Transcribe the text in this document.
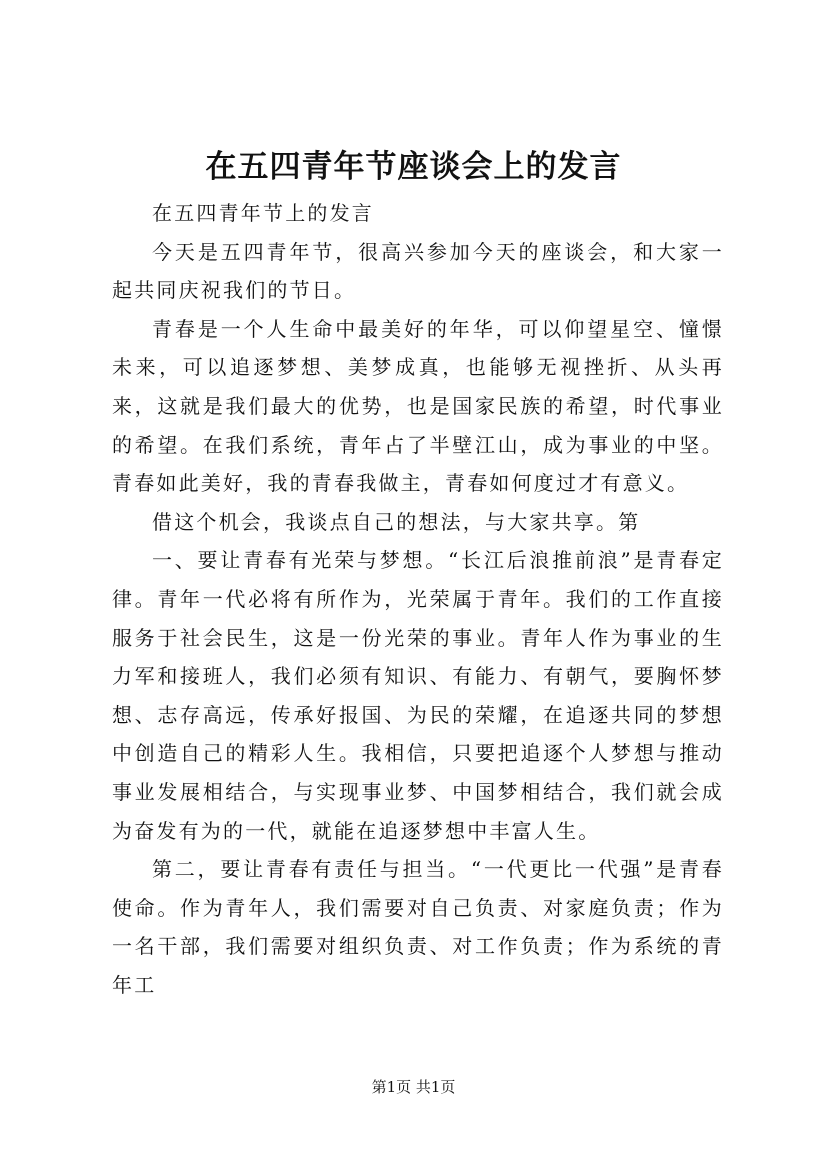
在五四青年节座谈会上的发言

在五四青年节上的发言

今天是五四青年节，很高兴参加今天的座谈会，和大家一起共同庆祝我们的节日。

青春是一个人生命中最美好的年华，可以仰望星空、憧憬未来，可以追逐梦想、美梦成真，也能够无视挫折、从头再来，这就是我们最大的优势，也是国家民族的希望，时代事业的希望。在我们系统，青年占了半壁江山，成为事业的中坚。青春如此美好，我的青春我做主，青春如何度过才有意义。

借这个机会，我谈点自己的想法，与大家共享。第

一、要让青春有光荣与梦想。“长江后浪推前浪”是青春定律。青年一代必将有所作为，光荣属于青年。我们的工作直接服务于社会民生，这是一份光荣的事业。青年人作为事业的生力军和接班人，我们必须有知识、有能力、有朝气，要胸怀梦想、志存高远，传承好报国、为民的荣耀，在追逐共同的梦想中创造自己的精彩人生。我相信，只要把追逐个人梦想与推动事业发展相结合，与实现事业梦、中国梦相结合，我们就会成为奋发有为的一代，就能在追逐梦想中丰富人生。

第二，要让青春有责任与担当。“一代更比一代强”是青春使命。作为青年人，我们需要对自己负责、对家庭负责；作为一名干部，我们需要对组织负责、对工作负责；作为系统的青年工

第1页 共1页
